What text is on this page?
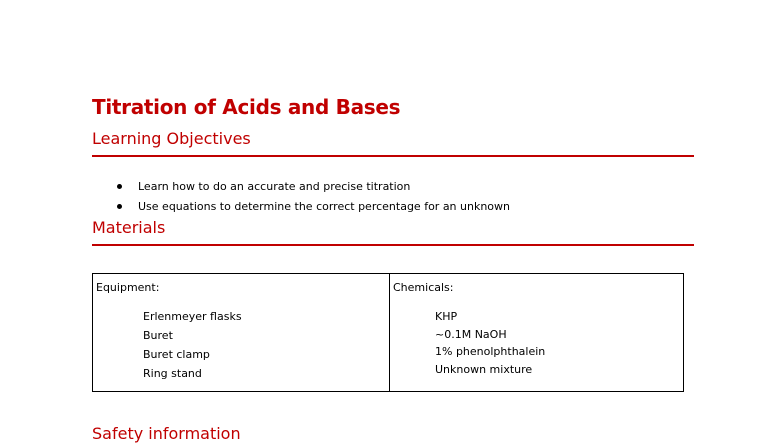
Titration of Acids and Bases
Learning Objectives
Learn how to do an accurate and precise titration
Use equations to determine the correct percentage for an unknown
Materials
Equipment:
Erlenmeyer flasks
Buret
Buret clamp
Ring stand
Chemicals:
KHP
~0.1M NaOH
1% phenolphthalein
Unknown mixture
Safety information
